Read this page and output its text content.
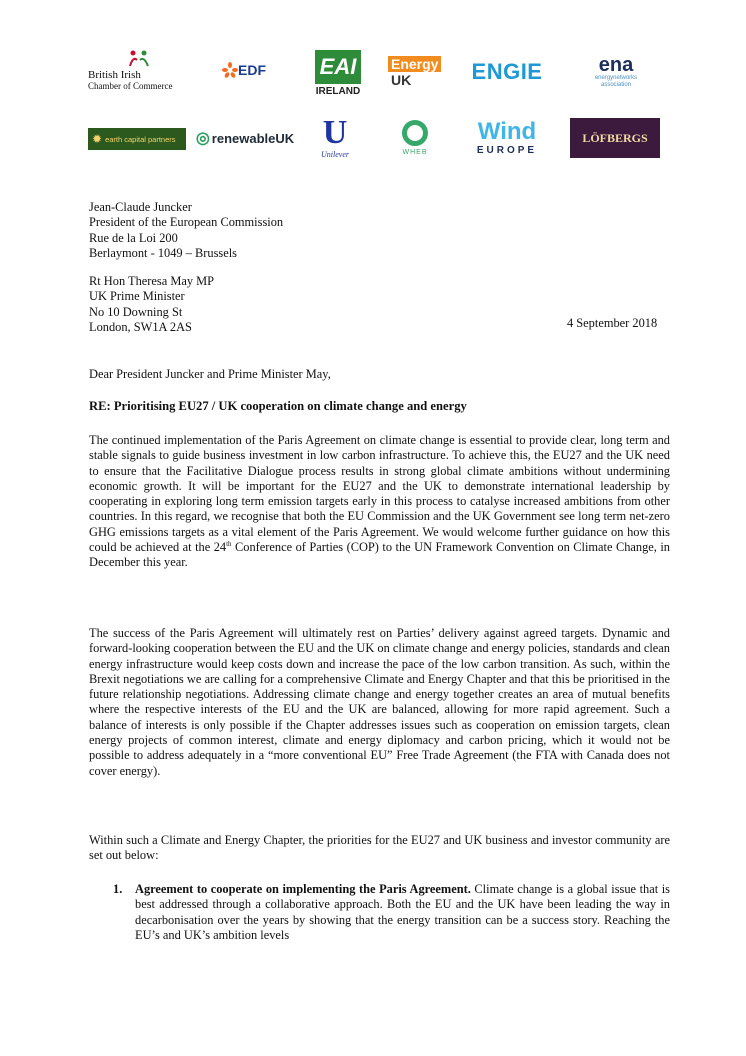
British Irish
Chamber of Commerce
EDF EAI
IRELAND
Energy
UK	ENGIE	ena
energynetworks association
✹ earth capital partners ◎ renewableUK U
Unilever	WHEB
Wind
EUROPE
LÖFBERGS
Jean-Claude Juncker
President of the European Commission
Rue de la Loi 200
Berlaymont - 1049 – Brussels
Rt Hon Theresa May MP
UK Prime Minister
No 10 Downing St
London, SW1A 2AS	4 September 2018
Dear President Juncker and Prime Minister May,
RE: Prioritising EU27 / UK cooperation on climate change and energy

The continued implementation of the Paris Agreement on climate change is essential to provide clear, long term and stable signals to guide business investment in low carbon infrastructure. To achieve this, the EU27 and the UK need to ensure that the Facilitative Dialogue process results in strong global climate ambitions without undermining economic growth. It will be important for the EU27 and the UK to demonstrate international leadership by cooperating in exploring long term emission targets early in this process to catalyse increased ambitions from other countries. In this regard, we recognise that both the EU Commission and the UK Government see long term net-zero GHG emissions targets as a vital element of the Paris Agreement. We would welcome further guidance on how this could be achieved at the 24th Conference of Parties (COP) to the UN Framework Convention on Climate Change, in December this year.

The success of the Paris Agreement will ultimately rest on Parties’ delivery against agreed targets. Dynamic and forward-looking cooperation between the EU and the UK on climate change and energy policies, standards and clean energy infrastructure would keep costs down and increase the pace of the low carbon transition. As such, within the Brexit negotiations we are calling for a comprehensive Climate and Energy Chapter and that this be prioritised in the future relationship negotiations. Addressing climate change and energy together creates an area of mutual benefits where the respective interests of the EU and the UK are balanced, allowing for more rapid agreement. Such a balance of interests is only possible if the Chapter addresses issues such as cooperation on emission targets, clean energy projects of common interest, climate and energy diplomacy and carbon pricing, which it would not be possible to address adequately in a “more conventional EU” Free Trade Agreement (the FTA with Canada does not cover energy).

Within such a Climate and Energy Chapter, the priorities for the EU27 and UK business and investor community are set out below:

1. Agreement to cooperate on implementing the Paris Agreement. Climate change is a global issue that is best addressed through a collaborative approach. Both the EU and the UK have been leading the way in decarbonisation over the years by showing that the energy transition can be a success story. Reaching the EU’s and UK’s ambition levels
